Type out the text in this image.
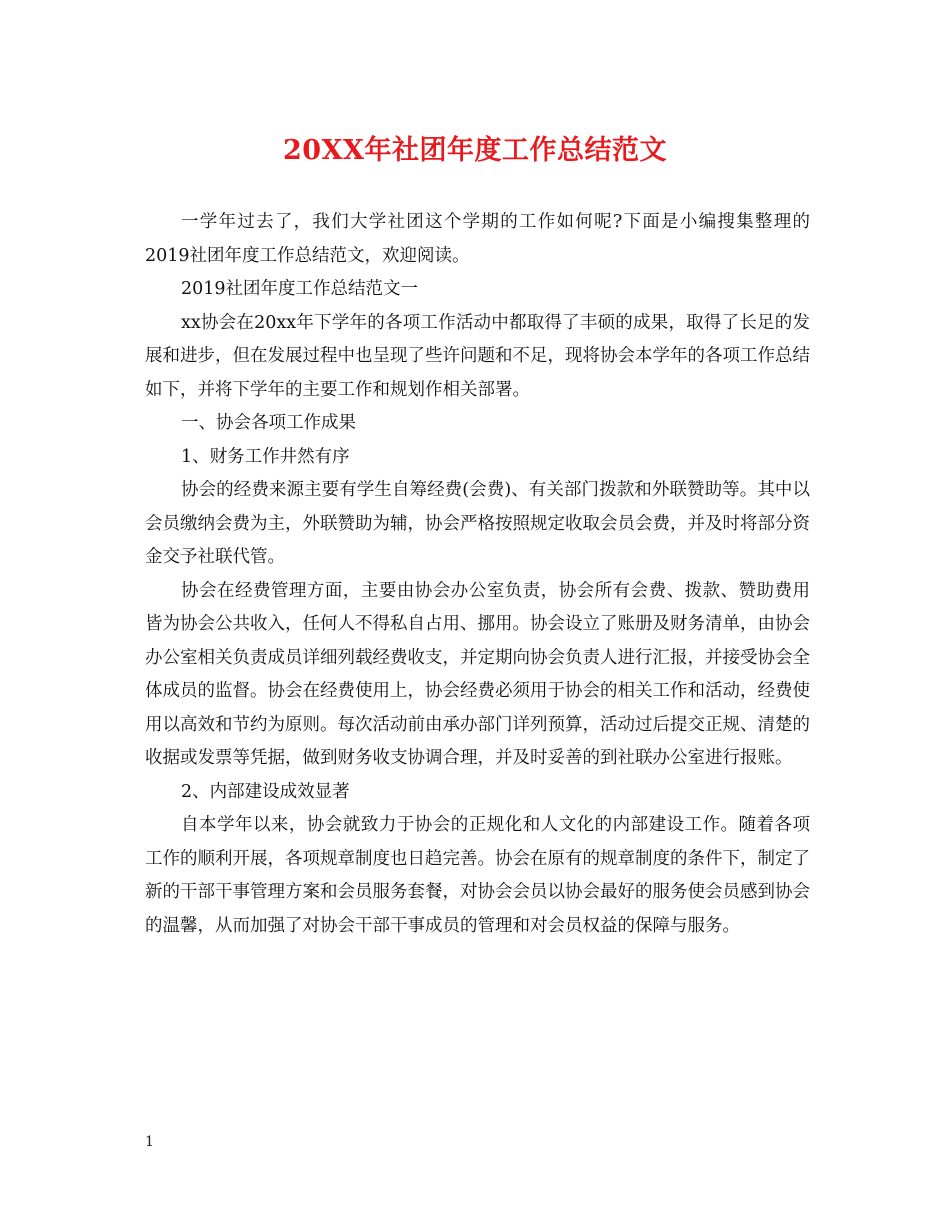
20XX年社团年度工作总结范文

一学年过去了，我们大学社团这个学期的工作如何呢?下面是小编搜集整理的2019社团年度工作总结范文，欢迎阅读。

2019社团年度工作总结范文一

xx协会在20xx年下学年的各项工作活动中都取得了丰硕的成果，取得了长足的发展和进步，但在发展过程中也呈现了些许问题和不足，现将协会本学年的各项工作总结如下，并将下学年的主要工作和规划作相关部署。

一、协会各项工作成果

1、财务工作井然有序

协会的经费来源主要有学生自筹经费(会费)、有关部门拨款和外联赞助等。其中以会员缴纳会费为主，外联赞助为辅，协会严格按照规定收取会员会费，并及时将部分资金交予社联代管。

协会在经费管理方面，主要由协会办公室负责，协会所有会费、拨款、赞助费用皆为协会公共收入，任何人不得私自占用、挪用。协会设立了账册及财务清单，由协会办公室相关负责成员详细列载经费收支，并定期向协会负责人进行汇报，并接受协会全体成员的监督。协会在经费使用上，协会经费必须用于协会的相关工作和活动，经费使用以高效和节约为原则。每次活动前由承办部门详列预算，活动过后提交正规、清楚的收据或发票等凭据，做到财务收支协调合理，并及时妥善的到社联办公室进行报账。

2、内部建设成效显著

自本学年以来，协会就致力于协会的正规化和人文化的内部建设工作。随着各项工作的顺利开展，各项规章制度也日趋完善。协会在原有的规章制度的条件下，制定了新的干部干事管理方案和会员服务套餐，对协会会员以协会最好的服务使会员感到协会的温馨，从而加强了对协会干部干事成员的管理和对会员权益的保障与服务。

1
